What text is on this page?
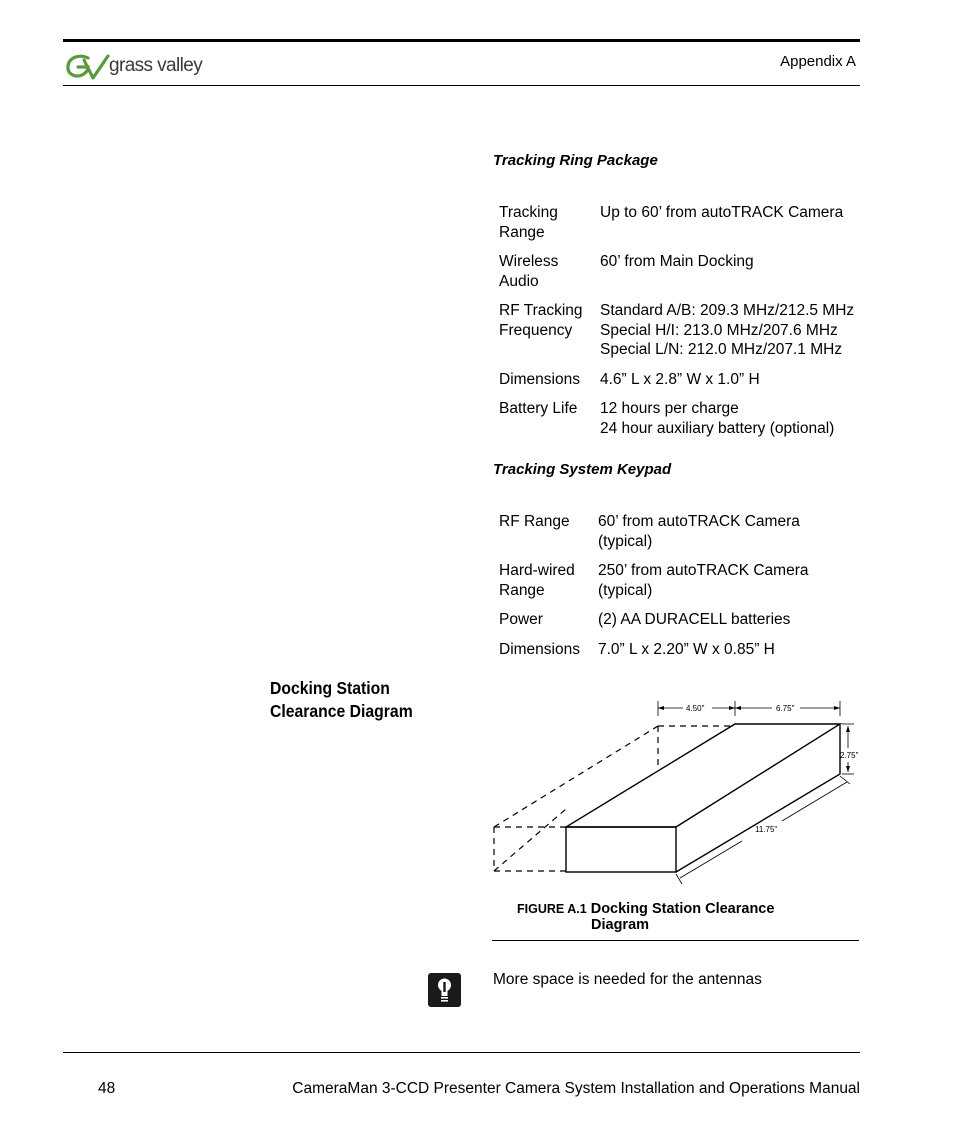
grass valley	Appendix A
Tracking Ring Package
Tracking
Range	Up to 60’ from autoTRACK Camera

Wireless
Audio	60’ from Main Docking

RF Tracking
Frequency	Standard A/B: 209.3 MHz/212.5 MHz
Special H/I: 213.0 MHz/207.6 MHz
Special L/N: 212.0 MHz/207.1 MHz

Dimensions	4.6” L x 2.8” W x 1.0” H

Battery Life	12 hours per charge
24 hour auxiliary battery (optional)
Tracking System Keypad
RF Range	60’ from autoTRACK Camera
(typical)

Hard-wired
Range	250’ from autoTRACK Camera
(typical)

Power	(2) AA DURACELL batteries

Dimensions	7.0” L x 2.20” W x 0.85” H
Docking Station
Clearance Diagram	4.50"	6.75"
2.75"
11.75"
FIGURE A.1 Docking Station Clearance
Diagram
More space is needed for the antennas
48	CameraMan 3-CCD Presenter Camera System Installation and Operations Manual
